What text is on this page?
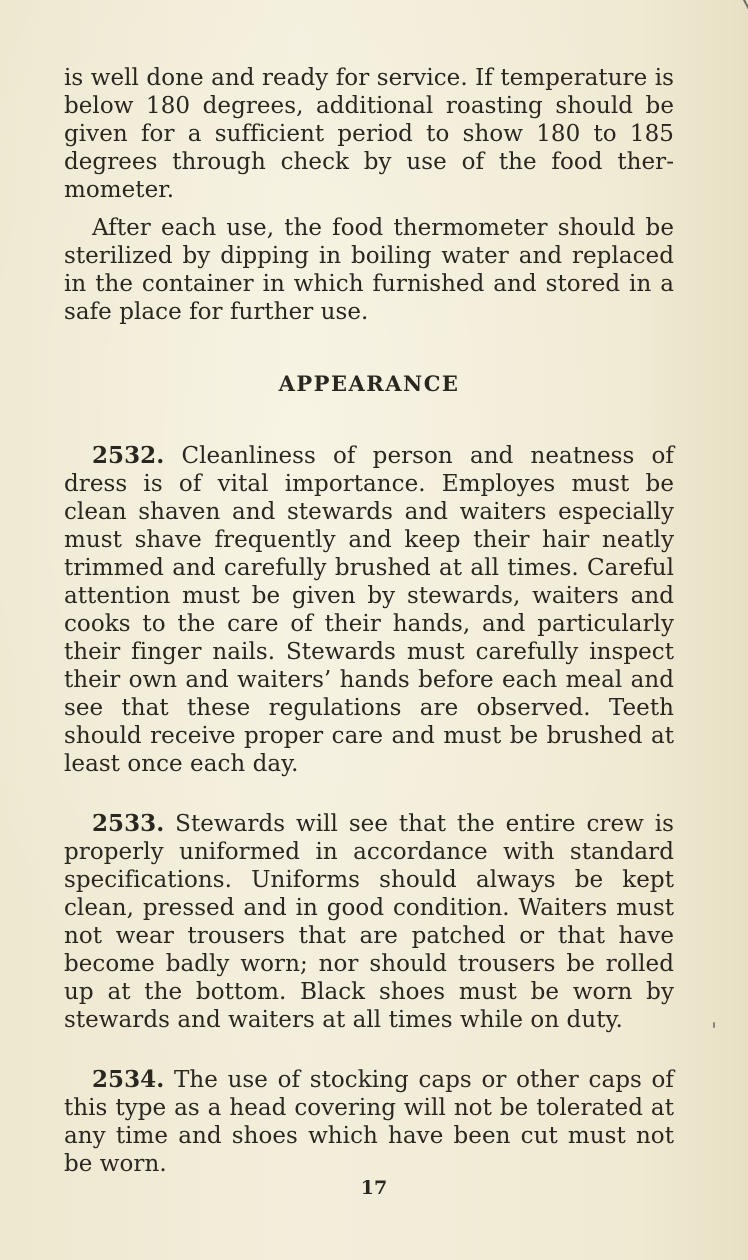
is well done and ready for service. If temperature is below 180 degrees, additional roasting should be given for a sufficient period to show 180 to 185 degrees through check by use of the food thermometer.

After each use, the food thermometer should be sterilized by dipping in boiling water and replaced in the container in which furnished and stored in a safe place for further use.

APPEARANCE

2532. Cleanliness of person and neatness of dress is of vital importance. Employes must be clean shaven and stewards and waiters especially must shave frequently and keep their hair neatly trimmed and carefully brushed at all times. Careful attention must be given by stewards, waiters and cooks to the care of their hands, and particularly their finger nails. Stewards must carefully inspect their own and waiters’ hands before each meal and see that these regulations are observed. Teeth should receive proper care and must be brushed at least once each day.

2533. Stewards will see that the entire crew is properly uniformed in accordance with standard specifications. Uniforms should always be kept clean, pressed and in good condition. Waiters must not wear trousers that are patched or that have become badly worn; nor should trousers be rolled up at the bottom. Black shoes must be worn by stewards and waiters at all times while on duty.

2534. The use of stocking caps or other caps of this type as a head covering will not be tolerated at any time and shoes which have been cut must not be worn.

17
